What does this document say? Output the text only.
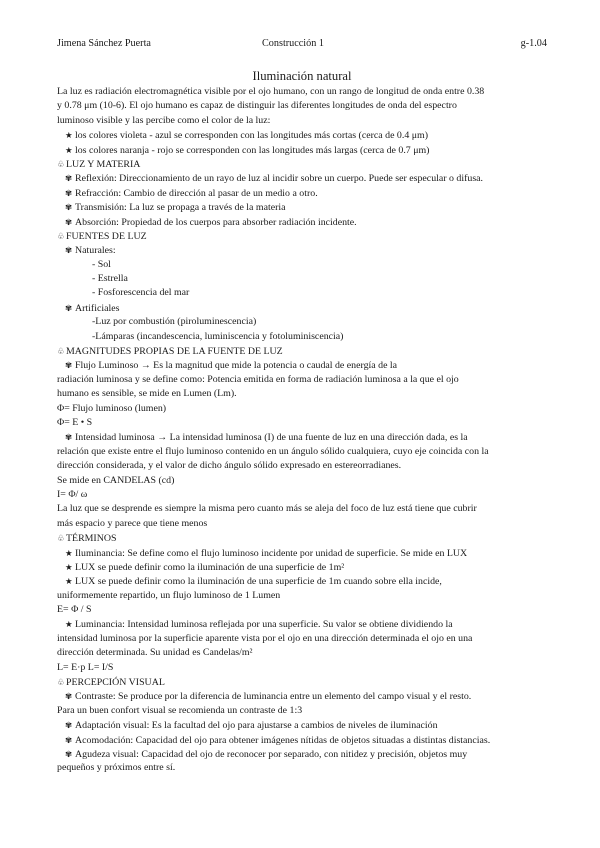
Jimena Sánchez Puerta	Construcción 1	g-1.04
Iluminación natural
La luz es radiación electromagnética visible por el ojo humano, con un rango de longitud de onda entre 0.38
y 0.78 μm (10-6). El ojo humano es capaz de distinguir las diferentes longitudes de onda del espectro
luminoso visible y las percibe como el color de la luz:
★ los colores violeta - azul se corresponden con las longitudes más cortas (cerca de 0.4 μm)
★ los colores naranja - rojo se corresponden con las longitudes más largas (cerca de 0.7 μm)
♧LUZ Y MATERIA
✾ Reflexión: Direccionamiento de un rayo de luz al incidir sobre un cuerpo. Puede ser especular o difusa.
✾ Refracción: Cambio de dirección al pasar de un medio a otro.
✾ Transmisión: La luz se propaga a través de la materia
✾ Absorción: Propiedad de los cuerpos para absorber radiación incidente.
♧FUENTES DE LUZ
✾ Naturales:
- Sol
- Estrella
- Fosforescencia del mar
✾ Artificiales
-Luz por combustión (piroluminescencia)
-Lámparas (incandescencia, luminiscencia y fotoluminiscencia)
♧MAGNITUDES PROPIAS DE LA FUENTE DE LUZ
✾ Flujo Luminoso → Es la magnitud que mide la potencia o caudal de energía de la
radiación luminosa y se define como: Potencia emitida en forma de radiación luminosa a la que el ojo
humano es sensible, se mide en Lumen (Lm).
Φ= Flujo luminoso (lumen)
Φ= E • S
✾ Intensidad luminosa → La intensidad luminosa (I) de una fuente de luz en una dirección dada, es la
relación que existe entre el flujo luminoso contenido en un ángulo sólido cualquiera, cuyo eje coincida con la
dirección considerada, y el valor de dicho ángulo sólido expresado en estereorradianes.
Se mide en CANDELAS (cd)
I= Φ/ ω
La luz que se desprende es siempre la misma pero cuanto más se aleja del foco de luz está tiene que cubrir
más espacio y parece que tiene menos
♧TÉRMINOS
★ Iluminancia: Se define como el flujo luminoso incidente por unidad de superficie. Se mide en LUX
★ LUX se puede definir como la iluminación de una superficie de 1m²
★ LUX se puede definir como la iluminación de una superficie de 1m cuando sobre ella incide,
uniformemente repartido, un flujo luminoso de 1 Lumen
E= Φ / S
★ Luminancia: Intensidad luminosa reflejada por una superficie. Su valor se obtiene dividiendo la
intensidad luminosa por la superficie aparente vista por el ojo en una dirección determinada el ojo en una
dirección determinada. Su unidad es Candelas/m²
L= E·p L= I/S
♧PERCEPCIÓN VISUAL
✾ Contraste: Se produce por la diferencia de luminancia entre un elemento del campo visual y el resto.
Para un buen confort visual se recomienda un contraste de 1:3
✾ Adaptación visual: Es la facultad del ojo para ajustarse a cambios de niveles de iluminación
✾ Acomodación: Capacidad del ojo para obtener imágenes nítidas de objetos situadas a distintas distancias.
✾ Agudeza visual: Capacidad del ojo de reconocer por separado, con nitidez y precisión, objetos muy
pequeños y próximos entre sí.
